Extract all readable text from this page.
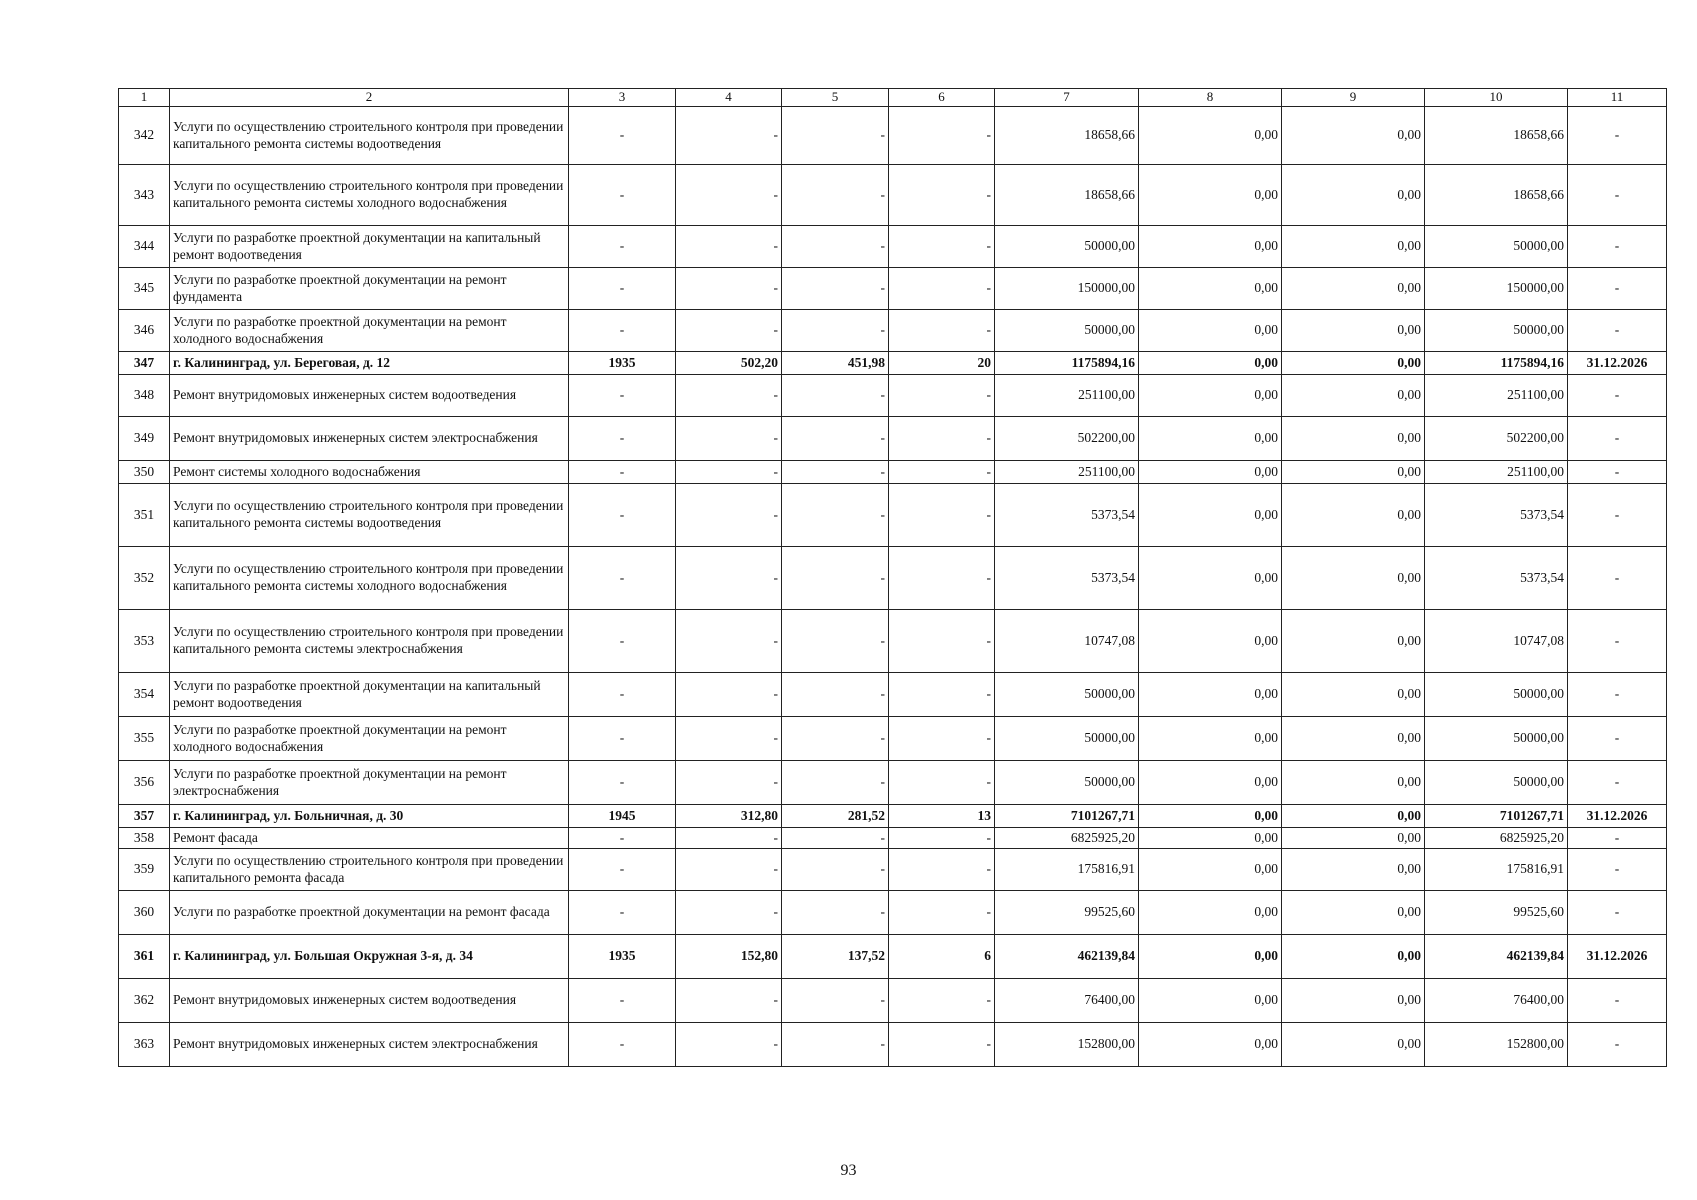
1	2	3	4	5	6	7	8	9	10	11
342	Услуги по осуществлению строительного контроля при проведении капитального ремонта системы водоотведения	-	-	-	-	18658,66	0,00	0,00	18658,66	-
343	Услуги по осуществлению строительного контроля при проведении капитального ремонта системы холодного водоснабжения	-	-	-	-	18658,66	0,00	0,00	18658,66	-
344	Услуги по разработке проектной документации на капитальный ремонт водоотведения	-	-	-	-	50000,00	0,00	0,00	50000,00	-
345	Услуги по разработке проектной документации на ремонт фундамента	-	-	-	-	150000,00	0,00	0,00	150000,00	-
346	Услуги по разработке проектной документации на ремонт холодного водоснабжения	-	-	-	-	50000,00	0,00	0,00	50000,00	-
347	г. Калининград, ул. Береговая, д. 12	1935	502,20	451,98	20	1175894,16	0,00	0,00	1175894,16	31.12.2026
348	Ремонт внутридомовых инженерных систем водоотведения	-	-	-	-	251100,00	0,00	0,00	251100,00	-
349	Ремонт внутридомовых инженерных систем электроснабжения	-	-	-	-	502200,00	0,00	0,00	502200,00	-
350	Ремонт системы холодного водоснабжения	-	-	-	-	251100,00	0,00	0,00	251100,00	-
351	Услуги по осуществлению строительного контроля при проведении капитального ремонта системы водоотведения	-	-	-	-	5373,54	0,00	0,00	5373,54	-
352	Услуги по осуществлению строительного контроля при проведении капитального ремонта системы холодного водоснабжения	-	-	-	-	5373,54	0,00	0,00	5373,54	-
353	Услуги по осуществлению строительного контроля при проведении капитального ремонта системы электроснабжения	-	-	-	-	10747,08	0,00	0,00	10747,08	-
354	Услуги по разработке проектной документации на капитальный ремонт водоотведения	-	-	-	-	50000,00	0,00	0,00	50000,00	-
355	Услуги по разработке проектной документации на ремонт холодного водоснабжения	-	-	-	-	50000,00	0,00	0,00	50000,00	-
356	Услуги по разработке проектной документации на ремонт электроснабжения	-	-	-	-	50000,00	0,00	0,00	50000,00	-
357	г. Калининград, ул. Больничная, д. 30	1945	312,80	281,52	13	7101267,71	0,00	0,00	7101267,71	31.12.2026
358	Ремонт фасада	-	-	-	-	6825925,20	0,00	0,00	6825925,20	-
359	Услуги по осуществлению строительного контроля при проведении капитального ремонта фасада	-	-	-	-	175816,91	0,00	0,00	175816,91	-
360	Услуги по разработке проектной документации на ремонт фасада	-	-	-	-	99525,60	0,00	0,00	99525,60	-
361	г. Калининград, ул. Большая Окружная 3-я, д. 34	1935	152,80	137,52	6	462139,84	0,00	0,00	462139,84	31.12.2026
362	Ремонт внутридомовых инженерных систем водоотведения	-	-	-	-	76400,00	0,00	0,00	76400,00	-
363	Ремонт внутридомовых инженерных систем электроснабжения	-	-	-	-	152800,00	0,00	0,00	152800,00	-
93
